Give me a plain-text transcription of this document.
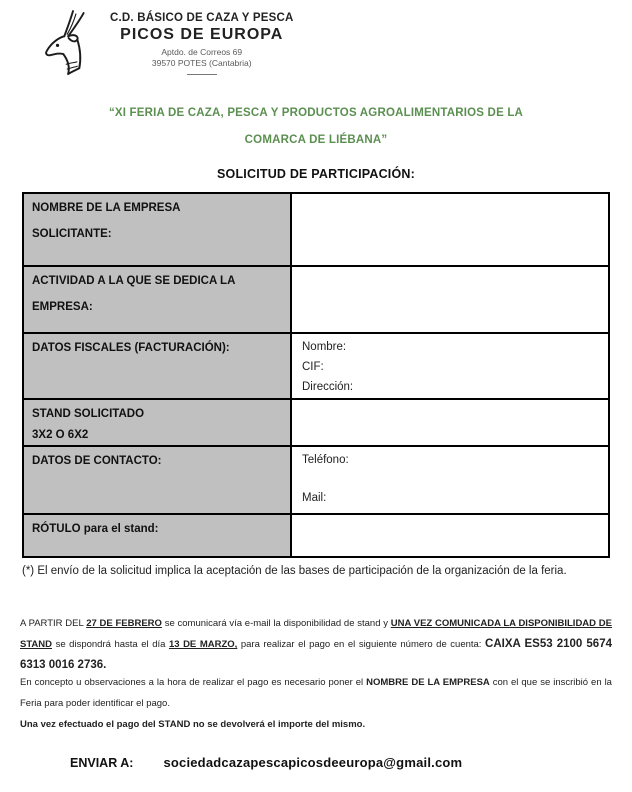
C.D. BÁSICO DE CAZA Y PESCA
PICOS DE EUROPA
Aptdo. de Correos 69
39570 POTES (Cantabria)
“XI FERIA DE CAZA, PESCA Y PRODUCTOS AGROALIMENTARIOS DE LA
COMARCA DE LIÉBANA”
SOLICITUD DE PARTICIPACIÓN:
NOMBRE DE LA EMPRESA
SOLICITANTE:	

ACTIVIDAD A LA QUE SE DEDICA LA
EMPRESA:	

DATOS FISCALES (FACTURACIÓN):	Nombre:
CIF:
Dirección:

STAND SOLICITADO
3X2 O 6X2	

DATOS DE CONTACTO:	Teléfono:
Mail:

RÓTULO para el stand:	

(*) El envío de la solicitud implica la aceptación de las bases de participación de la organización de la feria.
A PARTIR DEL 27 DE FEBRERO se comunicará vía e-mail la disponibilidad de stand y UNA VEZ COMUNICADA LA DISPONIBILIDAD DE STAND se dispondrá hasta el día 13 DE MARZO, para realizar el pago en el siguiente número de cuenta: CAIXA ES53 2100 5674 6313 0016 2736.
En concepto u observaciones a la hora de realizar el pago es necesario poner el NOMBRE DE LA EMPRESA con el que se inscribió en la Feria para poder identificar el pago.
Una vez efectuado el pago del STAND no se devolverá el importe del mismo.
ENVIAR A: sociedadcazapescapicosdeeuropa@gmail.com
